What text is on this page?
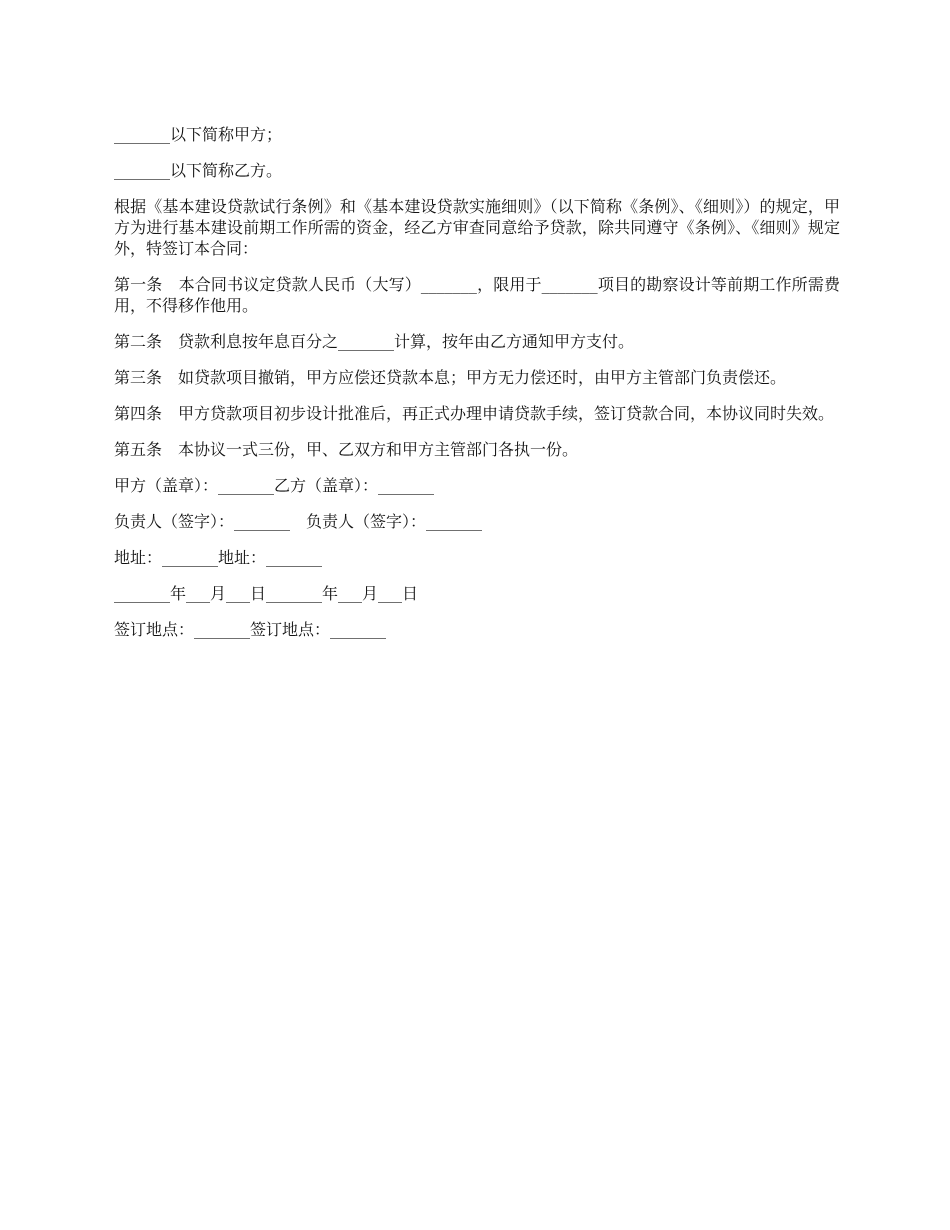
_______以下简称甲方；

_______以下简称乙方。

根据《基本建设贷款试行条例》和《基本建设贷款实施细则》（以下简称《条例》、《细则》）的规定，甲方为进行基本建设前期工作所需的资金，经乙方审查同意给予贷款，除共同遵守《条例》、《细则》规定外，特签订本合同：

第一条　本合同书议定贷款人民币（大写）_______，限用于_______项目的勘察设计等前期工作所需费用，不得移作他用。

第二条　贷款利息按年息百分之_______计算，按年由乙方通知甲方支付。

第三条　如贷款项目撤销，甲方应偿还贷款本息；甲方无力偿还时，由甲方主管部门负责偿还。

第四条　甲方贷款项目初步设计批准后，再正式办理申请贷款手续，签订贷款合同，本协议同时失效。

第五条　本协议一式三份，甲、乙双方和甲方主管部门各执一份。

甲方（盖章）：_______乙方（盖章）：_______

负责人（签字）：_______　负责人（签字）：_______

地址：_______地址：_______

_______年___月___日_______年___月___日

签订地点：_______签订地点：_______
